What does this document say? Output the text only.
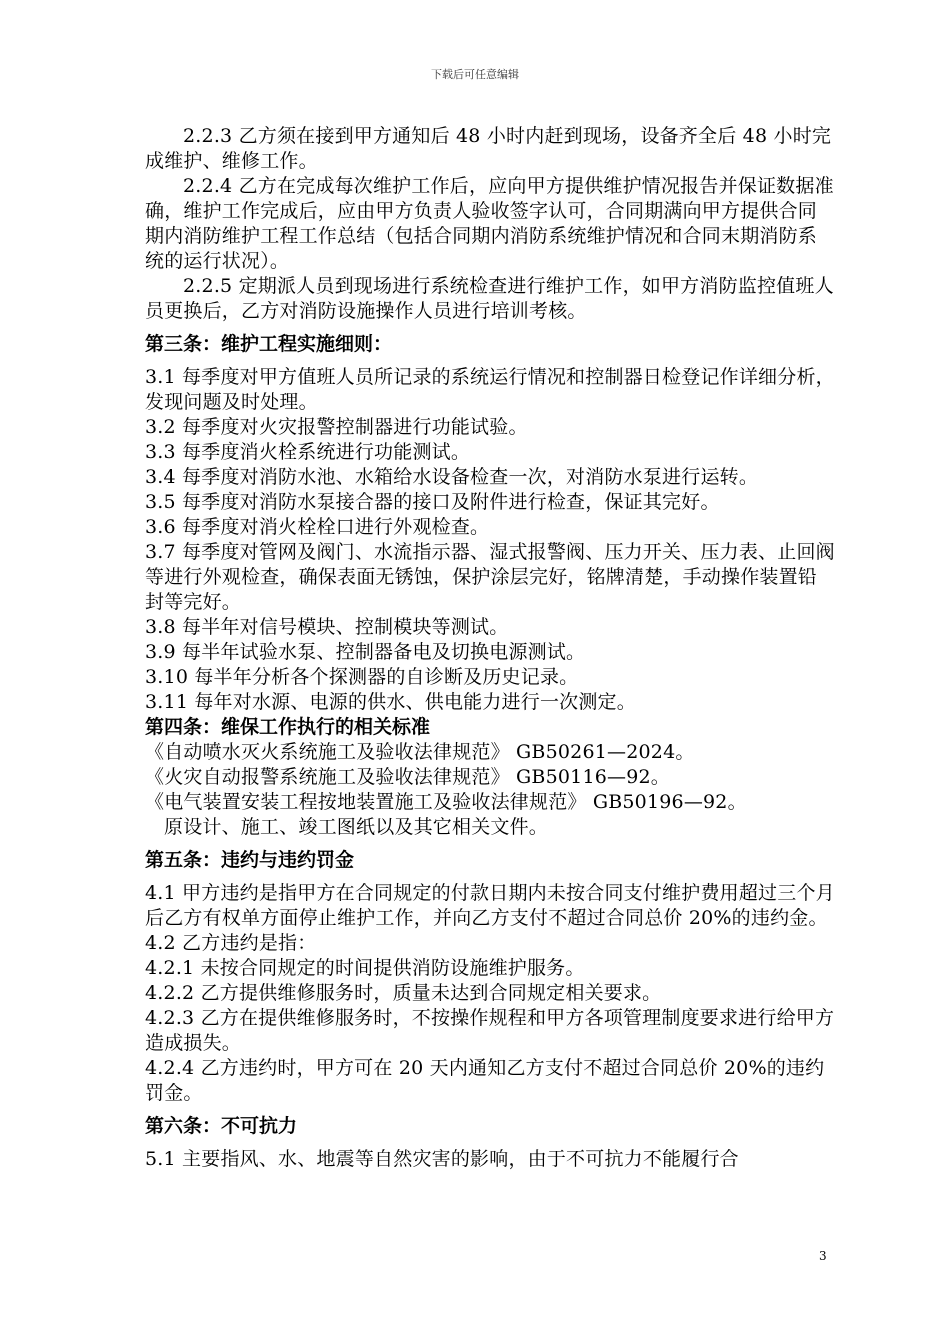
下载后可任意编辑

2.2.3 乙方须在接到甲方通知后 48 小时内赶到现场，设备齐全后 48 小时完成维护、维修工作。

2.2.4 乙方在完成每次维护工作后，应向甲方提供维护情况报告并保证数据准确，维护工作完成后，应由甲方负责人验收签字认可，合同期满向甲方提供合同期内消防维护工程工作总结（包括合同期内消防系统维护情况和合同末期消防系统的运行状况）。

2.2.5 定期派人员到现场进行系统检查进行维护工作，如甲方消防监控值班人员更换后，乙方对消防设施操作人员进行培训考核。

第三条：维护工程实施细则：

3.1 每季度对甲方值班人员所记录的系统运行情况和控制器日检登记作详细分析，发现问题及时处理。

3.2 每季度对火灾报警控制器进行功能试验。

3.3 每季度消火栓系统进行功能测试。

3.4 每季度对消防水池、水箱给水设备检查一次，对消防水泵进行运转。

3.5 每季度对消防水泵接合器的接口及附件进行检查，保证其完好。

3.6 每季度对消火栓栓口进行外观检查。

3.7 每季度对管网及阀门、水流指示器、湿式报警阀、压力开关、压力表、止回阀等进行外观检查，确保表面无锈蚀，保护涂层完好，铭牌清楚，手动操作装置铅封等完好。

3.8 每半年对信号模块、控制模块等测试。

3.9 每半年试验水泵、控制器备电及切换电源测试。

3.10 每半年分析各个探测器的自诊断及历史记录。

3.11 每年对水源、电源的供水、供电能力进行一次测定。

第四条：维保工作执行的相关标准

《自动喷水灭火系统施工及验收法律规范》 GB50261—2024。

《火灾自动报警系统施工及验收法律规范》 GB50116—92。

《电气装置安装工程按地装置施工及验收法律规范》 GB50196—92。

原设计、施工、竣工图纸以及其它相关文件。

第五条：违约与违约罚金

4.1 甲方违约是指甲方在合同规定的付款日期内未按合同支付维护费用超过三个月后乙方有权单方面停止维护工作，并向乙方支付不超过合同总价 20%的违约金。

4.2 乙方违约是指：

4.2.1 未按合同规定的时间提供消防设施维护服务。

4.2.2 乙方提供维修服务时，质量未达到合同规定相关要求。

4.2.3 乙方在提供维修服务时，不按操作规程和甲方各项管理制度要求进行给甲方造成损失。

4.2.4 乙方违约时，甲方可在 20 天内通知乙方支付不超过合同总价 20%的违约罚金。

第六条：不可抗力

5.1 主要指风、水、地震等自然灾害的影响，由于不可抗力不能履行合

3
